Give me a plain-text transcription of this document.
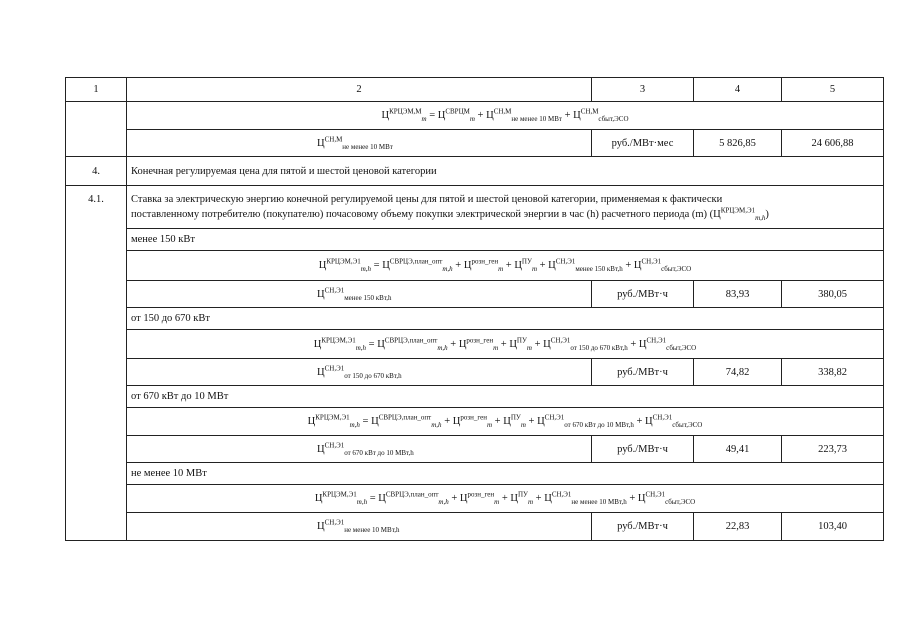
1	2	3	4	5
	$Ц^{КРЦЭМ,М}_m = Ц^{СВРЦМ}_m + Ц^{СН,М}_{не менее 10 МВт} + Ц^{СН,М}_{сбыт,ЭСО}$
	$Ц^{СН,М}_{не менее 10 МВт}$	руб./МВт·мес	5 826,85	24 606,88
4.	Конечная регулируемая цена для пятой и шестой ценовой категории			
4.1.	Ставка за электрическую энергию конечной регулируемой цены для пятой и шестой ценовой категории, применяемая к фактически
поставленному потребителю (покупателю) почасовому объему покупки электрической энергии в час (h) расчетного периода (m) $(Ц^{КРЦЭМ,Э1}_{m,h})$			
	менее 150 кВт			
	$Ц^{КРЦЭМ,Э1}_{m,h} = Ц^{СВРЦЭ,план\_опт}_{m,h} + Ц^{розн\_ген}_m + Ц^{ПУ}_m + Ц^{СН,Э1}_{менее 150 кВт,h} + Ц^{СН,Э1}_{сбыт,ЭСО}$
	$Ц^{СН,Э1}_{менее 150 кВт,h}$	руб./МВт·ч	83,93	380,05
	от 150 до 670 кВт			
	$Ц^{КРЦЭМ,Э1}_{m,h} = Ц^{СВРЦЭ,план\_опт}_{m,h} + Ц^{розн\_ген}_m + Ц^{ПУ}_m + Ц^{СН,Э1}_{от 150 до 670 кВт,h} + Ц^{СН,Э1}_{сбыт,ЭСО}$
	$Ц^{СН,Э1}_{от 150 до 670 кВт,h}$	руб./МВт·ч	74,82	338,82
	от 670 кВт до 10 МВт			
	$Ц^{КРЦЭМ,Э1}_{m,h} = Ц^{СВРЦЭ,план\_опт}_{m,h} + Ц^{розн\_ген}_m + Ц^{ПУ}_m + Ц^{СН,Э1}_{от 670 кВт до 10 МВт,h} + Ц^{СН,Э1}_{сбыт,ЭСО}$
	$Ц^{СН,Э1}_{от 670 кВт до 10 МВт,h}$	руб./МВт·ч	49,41	223,73
	не менее 10 МВт			
	$Ц^{КРЦЭМ,Э1}_{m,h} = Ц^{СВРЦЭ,план\_опт}_{m,h} + Ц^{розн\_ген}_m + Ц^{ПУ}_m + Ц^{СН,Э1}_{не менее 10 МВт,h} + Ц^{СН,Э1}_{сбыт,ЭСО}$
	$Ц^{СН,Э1}_{не менее 10 МВт,h}$	руб./МВт·ч	22,83	103,40
